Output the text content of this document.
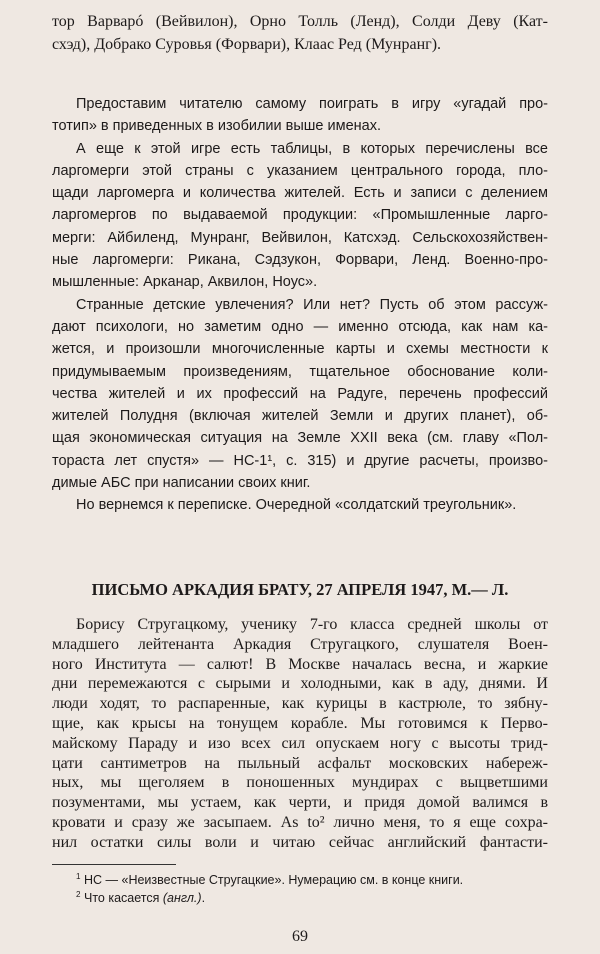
тор Варварó (Вейвилон), Орно Толль (Ленд), Солди Деву (Кат-
схэд), Добрако Суровья (Форвари), Клаас Ред (Мунранг).
Предоставим читателю самому поиграть в игру «угадай про-
тотип» в приведенных в изобилии выше именах.
А еще к этой игре есть таблицы, в которых перечислены все
ларгомерги этой страны с указанием центрального города, пло-
щади ларгомерга и количества жителей. Есть и записи с делением
ларгомергов по выдаваемой продукции: «Промышленные ларго-
мерги: Айбиленд, Мунранг, Вейвилон, Катсхэд. Сельскохозяйствен-
ные ларгомерги: Рикана, Сэдзукон, Форвари, Ленд. Военно-про-
мышленные: Арканар, Аквилон, Ноус».
Странные детские увлечения? Или нет? Пусть об этом рассуж-
дают психологи, но заметим одно — именно отсюда, как нам ка-
жется, и произошли многочисленные карты и схемы местности к
придумываемым произведениям, тщательное обоснование коли-
чества жителей и их профессий на Радуге, перечень профессий
жителей Полудня (включая жителей Земли и других планет), об-
щая экономическая ситуация на Земле XXII века (см. главу «Пол-
тораста лет спустя» — НС-1¹, с. 315) и другие расчеты, произво-
димые АБС при написании своих книг.
Но вернемся к переписке. Очередной «солдатский треугольник».
ПИСЬМО АРКАДИЯ БРАТУ, 27 АПРЕЛЯ 1947, М.— Л.
Борису Стругацкому, ученику 7-го класса средней школы от
младшего лейтенанта Аркадия Стругацкого, слушателя Воен-
ного Института — салют! В Москве началась весна, и жаркие
дни перемежаются с сырыми и холодными, как в аду, днями. И
люди ходят, то распаренные, как курицы в кастрюле, то зябну-
щие, как крысы на тонущем корабле. Мы готовимся к Перво-
майскому Параду и изо всех сил опускаем ногу с высоты трид-
цати сантиметров на пыльный асфальт московских набереж-
ных, мы щеголяем в поношенных мундирах с выцветшими
позументами, мы устаем, как черти, и придя домой валимся в
кровати и сразу же засыпаем. As to² лично меня, то я еще сохра-
нил остатки силы воли и читаю сейчас английский фантасти-
$^1$ НС — «Неизвестные Стругацкие». Нумерацию см. в конце книги.
$^2$ Что касается (англ.).
69
